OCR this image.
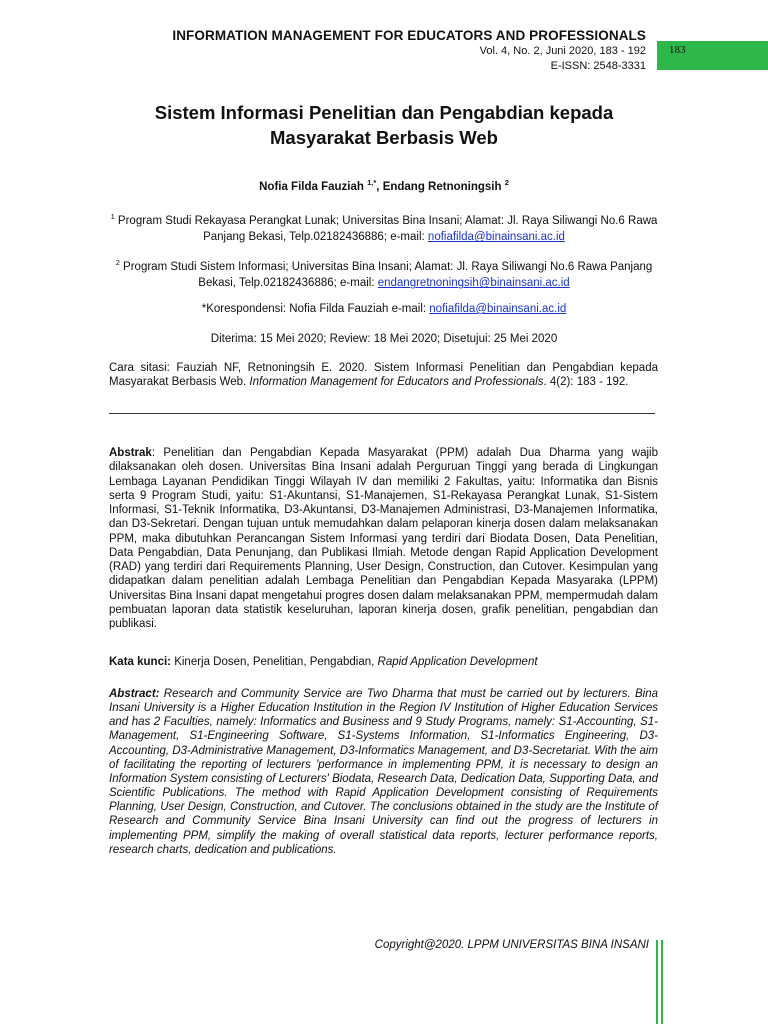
INFORMATION MANAGEMENT FOR EDUCATORS AND PROFESSIONALS
Vol. 4, No. 2, Juni 2020, 183 - 192
E-ISSN: 2548-3331
183
Sistem Informasi Penelitian dan Pengabdian kepada
Masyarakat Berbasis Web
Nofia Filda Fauziah $^{1,*}$, Endang Retnoningsih $^2$
$^1$ Program Studi Rekayasa Perangkat Lunak; Universitas Bina Insani; Alamat: Jl. Raya Siliwangi No.6 Rawa Panjang Bekasi, Telp.02182436886; e-mail: nofiafilda@binainsani.ac.id
$^2$ Program Studi Sistem Informasi; Universitas Bina Insani; Alamat: Jl. Raya Siliwangi No.6 Rawa Panjang Bekasi, Telp.02182436886; e-mail: endangretnoningsih@binainsani.ac.id
*Korespondensi: Nofia Filda Fauziah e-mail: nofiafilda@binainsani.ac.id
Diterima: 15 Mei 2020; Review: 18 Mei 2020; Disetujui: 25 Mei 2020
Cara sitasi: Fauziah NF, Retnoningsih E. 2020. Sistem Informasi Penelitian dan Pengabdian kepada Masyarakat Berbasis Web. Information Management for Educators and Professionals. 4(2): 183 - 192.
Abstrak: Penelitian dan Pengabdian Kepada Masyarakat (PPM) adalah Dua Dharma yang wajib dilaksanakan oleh dosen. Universitas Bina Insani adalah Perguruan Tinggi yang berada di Lingkungan Lembaga Layanan Pendidikan Tinggi Wilayah IV dan memiliki 2 Fakultas, yaitu: Informatika dan Bisnis serta 9 Program Studi, yaitu: S1-Akuntansi, S1-Manajemen, S1-Rekayasa Perangkat Lunak, S1-Sistem Informasi, S1-Teknik Informatika, D3-Akuntansi, D3-Manajemen Administrasi, D3-Manajemen Informatika, dan D3-Sekretari. Dengan tujuan untuk memudahkan dalam pelaporan kinerja dosen dalam melaksanakan PPM, maka dibutuhkan Perancangan Sistem Informasi yang terdiri dari Biodata Dosen, Data Penelitian, Data Pengabdian, Data Penunjang, dan Publikasi Ilmiah. Metode dengan Rapid Application Development (RAD) yang terdiri dari Requirements Planning, User Design, Construction, dan Cutover. Kesimpulan yang didapatkan dalam penelitian adalah Lembaga Penelitian dan Pengabdian Kepada Masyaraka (LPPM) Universitas Bina Insani dapat mengetahui progres dosen dalam melaksanakan PPM, mempermudah dalam pembuatan laporan data statistik keseluruhan, laporan kinerja dosen, grafik penelitian, pengabdian dan publikasi.
Kata kunci: Kinerja Dosen, Penelitian, Pengabdian, Rapid Application Development
Abstract: Research and Community Service are Two Dharma that must be carried out by lecturers. Bina Insani University is a Higher Education Institution in the Region IV Institution of Higher Education Services and has 2 Faculties, namely: Informatics and Business and 9 Study Programs, namely: S1-Accounting, S1-Management, S1-Engineering Software, S1-Systems Information, S1-Informatics Engineering, D3-Accounting, D3-Administrative Management, D3-Informatics Management, and D3-Secretariat. With the aim of facilitating the reporting of lecturers 'performance in implementing PPM, it is necessary to design an Information System consisting of Lecturers' Biodata, Research Data, Dedication Data, Supporting Data, and Scientific Publications. The method with Rapid Application Development consisting of Requirements Planning, User Design, Construction, and Cutover. The conclusions obtained in the study are the Institute of Research and Community Service Bina Insani University can find out the progress of lecturers in implementing PPM, simplify the making of overall statistical data reports, lecturer performance reports, research charts, dedication and publications.
Copyright@2020. LPPM UNIVERSITAS BINA INSANI
